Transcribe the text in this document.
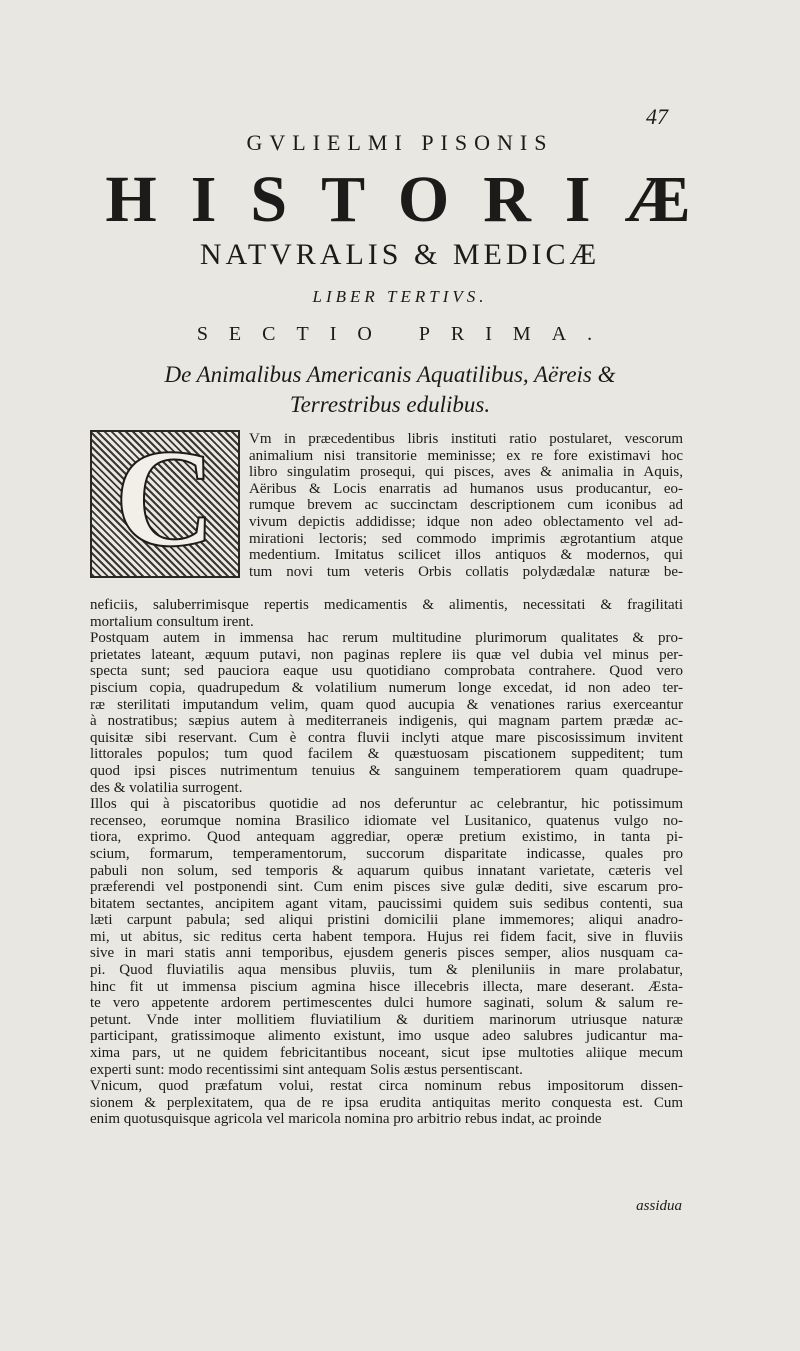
47
GVLIELMI PISONIS
HISTORIÆ
NATVRALIS & MEDICÆ
LIBER TERTIVS.
SECTIO PRIMA.
De Animalibus Americanis Aquatilibus, Aëreis &
Terrestribus edulibus.
C Vm in præcedentibus libris instituti ratio postularet, vescorum
animalium nisi transitorie meminisse; ex re fore existimavi hoc
libro singulatim prosequi, qui pisces, aves & animalia in Aquis,
Aëribus & Locis enarratis ad humanos usus producantur, eo-
rumque brevem ac succinctam descriptionem cum iconibus ad
vivum depictis addidisse; idque non adeo oblectamento vel ad-
mirationi lectoris; sed commodo imprimis ægrotantium atque
medentium. Imitatus scilicet illos antiquos & modernos, qui
tum novi tum veteris Orbis collatis polydædalæ naturæ be-
neficiis, saluberrimisque repertis medicamentis & alimentis, necessitati & fragilitati
mortalium consultum irent.
Postquam autem in immensa hac rerum multitudine plurimorum qualitates & pro-
prietates lateant, æquum putavi, non paginas replere iis quæ vel dubia vel minus per-
specta sunt; sed pauciora eaque usu quotidiano comprobata contrahere. Quod vero
piscium copia, quadrupedum & volatilium numerum longe excedat, id non adeo ter-
ræ sterilitati imputandum velim, quam quod aucupia & venationes rarius exerceantur
à nostratibus; sæpius autem à mediterraneis indigenis, qui magnam partem prædæ ac-
quisitæ sibi reservant. Cum è contra fluvii inclyti atque mare piscosissimum invitent
littorales populos; tum quod facilem & quæstuosam piscationem suppeditent; tum
quod ipsi pisces nutrimentum tenuius & sanguinem temperatiorem quam quadrupe-
des & volatilia surrogent.
Illos qui à piscatoribus quotidie ad nos deferuntur ac celebrantur, hic potissimum
recenseo, eorumque nomina Brasilico idiomate vel Lusitanico, quatenus vulgo no-
tiora, exprimo. Quod antequam aggrediar, operæ pretium existimo, in tanta pi-
scium, formarum, temperamentorum, succorum disparitate indicasse, quales pro
pabuli non solum, sed temporis & aquarum quibus innatant varietate, cæteris vel
præferendi vel postponendi sint. Cum enim pisces sive gulæ dediti, sive escarum pro-
bitatem sectantes, ancipitem agant vitam, paucissimi quidem suis sedibus contenti, sua
læti carpunt pabula; sed aliqui pristini domicilii plane immemores; aliqui anadro-
mi, ut abitus, sic reditus certa habent tempora. Hujus rei fidem facit, sive in fluviis
sive in mari statis anni temporibus, ejusdem generis pisces semper, alios nusquam ca-
pi. Quod fluviatilis aqua mensibus pluviis, tum & pleniluniis in mare prolabatur,
hinc fit ut immensa piscium agmina hisce illecebris illecta, mare deserant. Æsta-
te vero appetente ardorem pertimescentes dulci humore saginati, solum & salum re-
petunt. Vnde inter mollitiem fluviatilium & duritiem marinorum utriusque naturæ
participant, gratissimoque alimento existunt, imo usque adeo salubres judicantur ma-
xima pars, ut ne quidem febricitantibus noceant, sicut ipse multoties aliique mecum
experti sunt: modo recentissimi sint antequam Solis æstus persentiscant.
Vnicum, quod præfatum volui, restat circa nominum rebus impositorum dissen-
sionem & perplexitatem, qua de re ipsa erudita antiquitas merito conquesta est. Cum
enim quotusquisque agricola vel maricola nomina pro arbitrio rebus indat, ac proinde
assidua
